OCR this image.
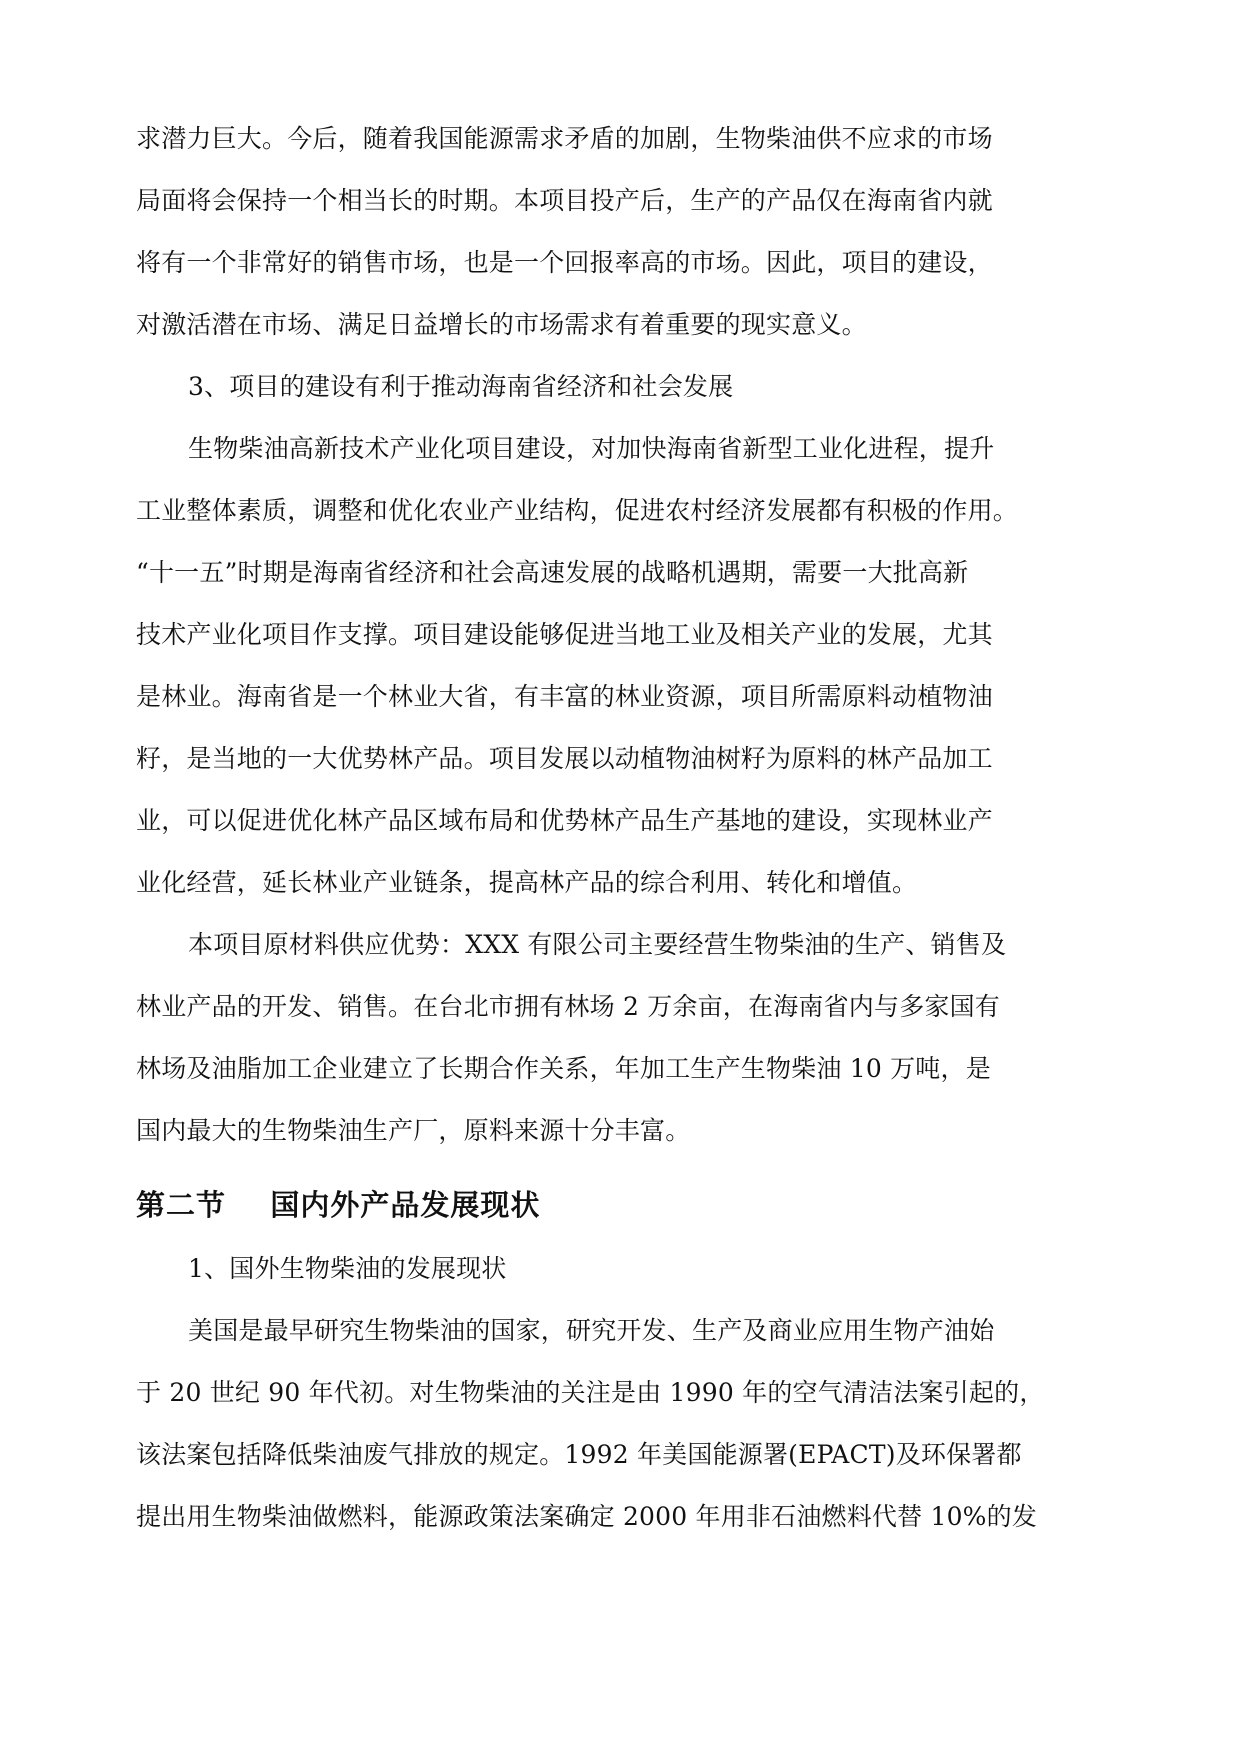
求潜力巨大。今后，随着我国能源需求矛盾的加剧，生物柴油供不应求的市场
局面将会保持一个相当长的时期。本项目投产后，生产的产品仅在海南省内就
将有一个非常好的销售市场，也是一个回报率高的市场。因此，项目的建设，
对激活潜在市场、满足日益增长的市场需求有着重要的现实意义。
3、项目的建设有利于推动海南省经济和社会发展
生物柴油高新技术产业化项目建设，对加快海南省新型工业化进程，提升
工业整体素质，调整和优化农业产业结构，促进农村经济发展都有积极的作用。
“十一五”时期是海南省经济和社会高速发展的战略机遇期，需要一大批高新
技术产业化项目作支撑。项目建设能够促进当地工业及相关产业的发展，尤其
是林业。海南省是一个林业大省，有丰富的林业资源，项目所需原料动植物油
籽，是当地的一大优势林产品。项目发展以动植物油树籽为原料的林产品加工
业，可以促进优化林产品区域布局和优势林产品生产基地的建设，实现林业产
业化经营，延长林业产业链条，提高林产品的综合利用、转化和增值。
本项目原材料供应优势：XXX 有限公司主要经营生物柴油的生产、销售及
林业产品的开发、销售。在台北市拥有林场 2 万余亩，在海南省内与多家国有
林场及油脂加工企业建立了长期合作关系，年加工生产生物柴油 10 万吨，是
国内最大的生物柴油生产厂，原料来源十分丰富。
第二节    国内外产品发展现状
1、国外生物柴油的发展现状
美国是最早研究生物柴油的国家，研究开发、生产及商业应用生物产油始
于 20 世纪 90 年代初。对生物柴油的关注是由 1990 年的空气清洁法案引起的，
该法案包括降低柴油废气排放的规定。1992 年美国能源署(EPACT)及环保署都
提出用生物柴油做燃料，能源政策法案确定 2000 年用非石油燃料代替 10%的发
